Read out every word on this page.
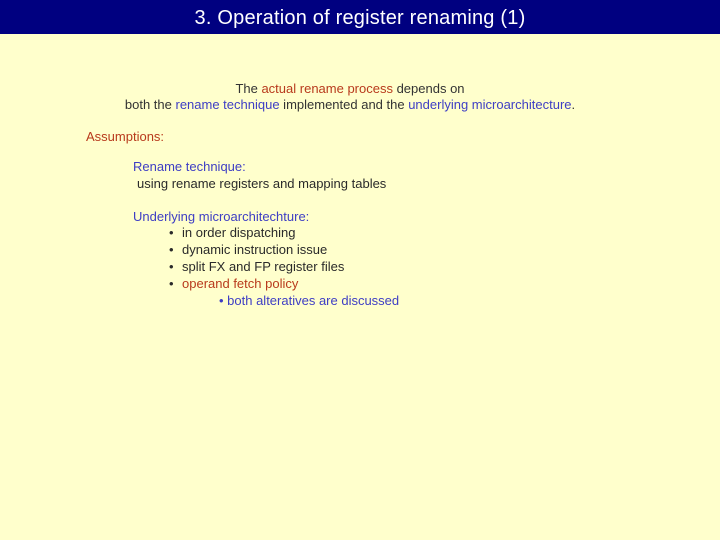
3. Operation of register renaming (1)
The actual rename process depends on
both the rename technique implemented and the underlying microarchitecture.
Assumptions:
Rename technique:
using rename registers and mapping tables
Underlying microarchitechture:
• in order dispatching
• dynamic instruction issue
• split FX and FP register files
• operand fetch policy
• both alteratives are discussed
